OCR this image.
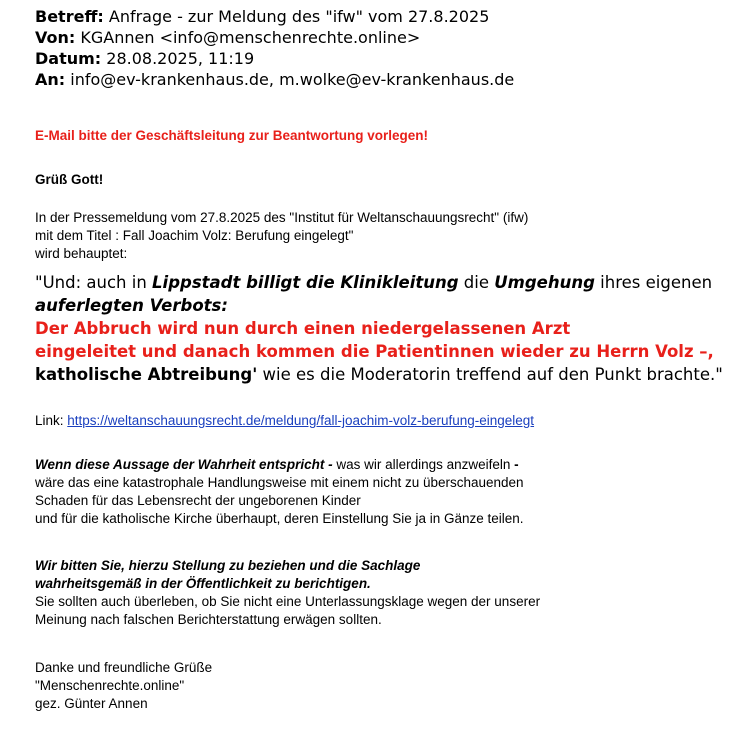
Betreff: Anfrage - zur Meldung des "ifw" vom 27.8.2025
Von: KGAnnen <info@menschenrechte.online>
Datum: 28.08.2025, 11:19
An: info@ev-krankenhaus.de, m.wolke@ev-krankenhaus.de
E-Mail bitte der Geschäftsleitung zur Beantwortung vorlegen!
Grüß Gott!
In der Pressemeldung vom 27.8.2025 des "Institut für Weltanschauungsrecht" (ifw)
mit dem Titel : Fall Joachim Volz: Berufung eingelegt"
wird behauptet:
"Und: auch in Lippstadt billigt die Klinikleitung die Umgehung ihres eigenen
auferlegten Verbots:
Der Abbruch wird nun durch einen niedergelassenen Arzt
eingeleitet und danach kommen die Patientinnen wieder zu Herrn Volz –,
katholische Abtreibung' wie es die Moderatorin treffend auf den Punkt brachte."
Link: https://weltanschauungsrecht.de/meldung/fall-joachim-volz-berufung-eingelegt
Wenn diese Aussage der Wahrheit entspricht - was wir allerdings anzweifeln -
wäre das eine katastrophale Handlungsweise mit einem nicht zu überschauenden
Schaden für das Lebensrecht der ungeborenen Kinder
und für die katholische Kirche überhaupt, deren Einstellung Sie ja in Gänze teilen.
Wir bitten Sie, hierzu Stellung zu beziehen und die Sachlage
wahrheitsgemäß in der Öffentlichkeit zu berichtigen.
Sie sollten auch überleben, ob Sie nicht eine Unterlassungsklage wegen der unserer
Meinung nach falschen Berichterstattung erwägen sollten.
Danke und freundliche Grüße
"Menschenrechte.online"
gez. Günter Annen
